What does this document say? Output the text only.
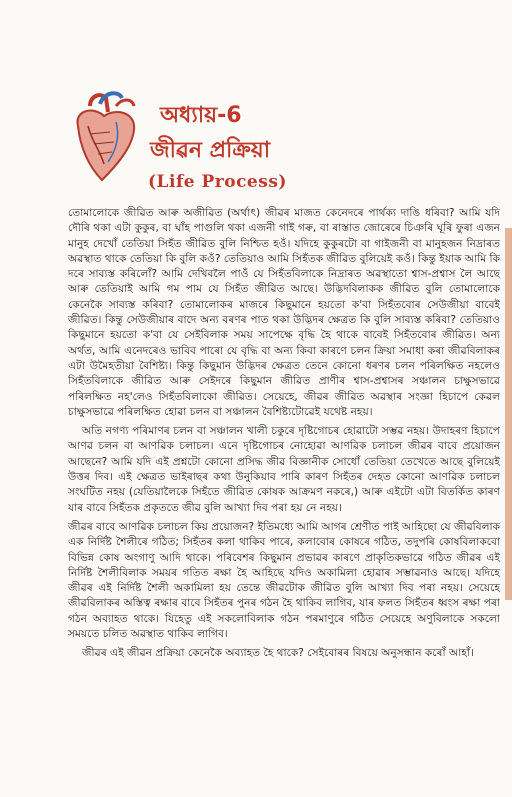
অধ্যায়-6
জীৱন প্ৰক্ৰিয়া
(Life Process)

তোমালোকে জীৱিত আৰু অজীৱিত (অৰ্থাৎ) জীৱৰ মাজত কেনেদৰে পাৰ্থক্য দাঙি ধৰিবা? আমি যদি দৌৰি থকা এটা কুকুৰ, বা ঘাঁহ পাগুলি থকা এজনী গাই গৰু, বা ৰাস্তাত জোৰেৰে চিঞৰি ঘূৰি ফুৰা এজন মানুহ দেখোঁ তেতিয়া সিহঁত জীৱিত বুলি নিশ্চিত হওঁ। যদিহে কুকুৰটো বা গাইজনী বা মানুহজন নিদ্ৰাৰত অৱস্থাত থাকে তেতিয়া কি বুলি কওঁ? তেতিয়াও আমি সিহঁতক জীৱিত বুলিয়েই কওঁ। কিন্তু ইয়াক আমি কি দৰে সাব্যস্ত কৰিলোঁ? আমি দেখিবলৈ পাওঁ যে সিহঁতবিলাকে নিদ্ৰাৰত অৱস্থাতো শ্বাস-প্ৰশ্বাস লৈ আছে আৰু তেতিয়াই আমি গম পাম যে সিহঁত জীৱিত আছে। উদ্ভিদবিলাকক জীৱিত বুলি তোমালোকে কেনেকৈ সাব্যস্ত কৰিবা? তোমালোকৰ মাজৰে কিছুমানে হয়তো ক'বা সিহঁতবোৰ সেউজীয়া বাবেই জীৱিত। কিন্তু সেউজীয়াৰ বাদে অন্য বৰণৰ পাত থকা উদ্ভিদৰ ক্ষেত্ৰত কি বুলি সাব্যস্ত কৰিবা? তেতিয়াও কিছুমানে হয়তো ক'বা যে সেইবিলাক সময় সাপেক্ষে বৃদ্ধি হৈ থাকে বাবেই সিহঁতবোৰ জীৱিত। অন্য অৰ্থত, আমি এনেদৰেও ভাবিব পাৰো যে বৃদ্ধি বা অন্য কিবা কাৰণে চলন ক্ৰিয়া সমাধা কৰা জীৱবিলাকৰ এটা উমৈহতীয়া বৈশিষ্ট্য। কিন্তু কিছুমান উদ্ভিদৰ ক্ষেত্ৰত তেনে কোনো ধৰণৰ চলন পৰিলক্ষিত নহলেও সিহঁতবিলাকে জীৱিত আৰু সেইদৰে কিছুমান জীৱিত প্ৰাণীৰ শ্বাস-প্ৰশ্বাসৰ সঞ্চালন চাক্ষুসভাৱে পৰিলক্ষিত নহ'লেও সিহঁতবিলাকো জীৱিত। সেয়েহে, জীৱৰ জীৱিত অৱস্থাৰ সংজ্ঞা হিচাপে কেৱল চাক্ষুসভাৱে পৰিলক্ষিত হোৱা চলন বা সঞ্চালন বৈশিষ্ট্যটোৱেই যথেষ্ট নহয়।

অতি নগণ্য পৰিমাণৰ চলন বা সঞ্চালন খালী চকুৰে দৃষ্টিগোচৰ হোৱাটো সম্ভৱ নহয়। উদাহৰণ হিচাপে আণৱ চলন বা আণৱিক চলাচল। এনে দৃষ্টিগোচৰ নোহোৱা আণৱিক চলাচল জীৱৰ বাবে প্ৰয়োজন আছেনে? আমি যদি এই প্ৰশ্নটো কোনো প্ৰসিদ্ধ জীৱ বিজ্ঞানীক সোধোঁ তেতিয়া তেখেতে আছে বুলিয়েই উত্তৰ দিব। এই ক্ষেত্ৰত ভাইৰাছৰ কথা উনুকিয়াব পাৰি কাৰণ সিহঁতৰ দেহত কোনো আণৱিক চলাচল সংঘটিত নহয় (যেতিয়ালৈকে সিহঁতে জীৱিত কোষক আক্ৰমণ নকৰে,) আৰু এইটো এটা বিতৰ্কিত কাৰণ যাৰ বাবে সিহঁতক প্ৰকৃততে জীৱ বুলি আখ্যা দিব পৰা হয় নে নহয়।

জীৱৰ বাবে আণৱিক চলাচল কিয় প্ৰয়োজন? ইতিমধ্যে আমি আগৰ শ্ৰেণীত পাই আহিছো যে জীৱবিলাক এক নিৰ্দিষ্ট শৈলীৰে গঠিত; সিহঁতৰ কলা থাকিব পাৰে, কলাবোৰ কোষৰে গঠিত, তদুপৰি কোষবিলাকবো বিভিন্ন কোষ অংগাণু আদি থাকে। পৰিবেশৰ কিছুমান প্ৰভাৱৰ কাৰণে প্ৰাকৃতিকভাৱে গঠিত জীৱৰ এই নিৰ্দিষ্ট শৈলীবিলাক সময়ৰ গতিত ৰক্ষা হৈ আহিছে যদিও অকামিলা হোৱাৰ সম্ভাৱনাও আছে। যদিহে জীৱৰ এই নিৰ্দিষ্ট শৈলী অকামিলা হয় তেন্তে জীৱটোক জীৱিত বুলি আখ্যা দিব পৰা নহয়। সেয়েহে জীৱবিলাকৰ অস্তিত্ব ৰক্ষাৰ বাবে সিহঁতৰ পুনৰ গঠন হৈ থাকিব লাগিব, যাৰ ফলত সিহঁতৰ ধ্বংস ৰক্ষা পৰা গঠন অব্যাহত থাকে। যিহেতু এই সকলোবিলাক গঠন পৰমাণুৰে গঠিত সেয়েহে অণুবিলাকে সকলো সময়তে চলিত অৱস্থাত থাকিব লাগিব।

জীৱৰ এই জীৱন প্ৰক্ৰিয়া কেনেকৈ অব্যাহত হৈ থাকে? সেইবোৰৰ বিষয়ে অনুসন্ধান কৰোঁ আহাঁ।
